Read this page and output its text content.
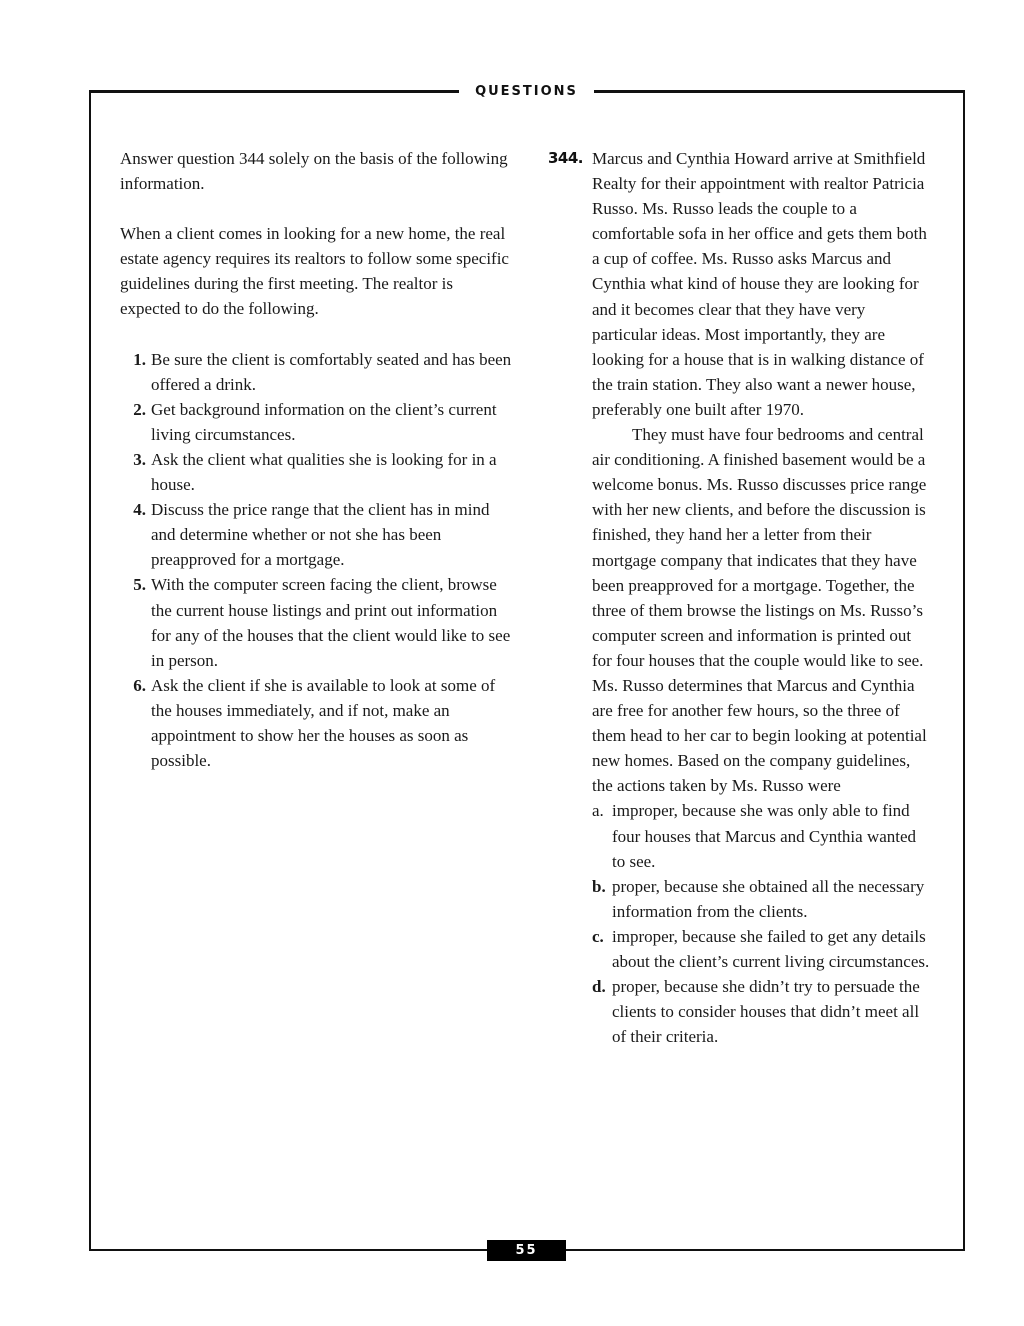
QUESTIONS

Answer question 344 solely on the basis of the following information.

When a client comes in looking for a new home, the real estate agency requires its realtors to follow some specific guidelines during the first meeting. The realtor is expected to do the following.

1. Be sure the client is comfortably seated and has been offered a drink.
2. Get background information on the client’s current living circumstances.
3. Ask the client what qualities she is looking for in a house.
4. Discuss the price range that the client has in mind and determine whether or not she has been preapproved for a mortgage.
5. With the computer screen facing the client, browse the current house listings and print out information for any of the houses that the client would like to see in person.
6. Ask the client if she is available to look at some of the houses immediately, and if not, make an appointment to show her the houses as soon as possible.
344. Marcus and Cynthia Howard arrive at Smithfield Realty for their appointment with realtor Patricia Russo. Ms. Russo leads the couple to a comfortable sofa in her office and gets them both a cup of coffee. Ms. Russo asks Marcus and Cynthia what kind of house they are looking for and it becomes clear that they have very particular ideas. Most importantly, they are looking for a house that is in walking distance of the train station. They also want a newer house, preferably one built after 1970.

They must have four bedrooms and central air conditioning. A finished basement would be a welcome bonus. Ms. Russo discusses price range with her new clients, and before the discussion is finished, they hand her a letter from their mortgage company that indicates that they have been preapproved for a mortgage. Together, the three of them browse the listings on Ms. Russo’s computer screen and information is printed out for four houses that the couple would like to see. Ms. Russo determines that Marcus and Cynthia are free for another few hours, so the three of them head to her car to begin looking at potential new homes. Based on the company guidelines, the actions taken by Ms. Russo were

a. improper, because she was only able to find four houses that Marcus and Cynthia wanted to see.
b. proper, because she obtained all the necessary information from the clients.
c. improper, because she failed to get any details about the client’s current living circumstances.
d. proper, because she didn’t try to persuade the clients to consider houses that didn’t meet all of their criteria.
55
